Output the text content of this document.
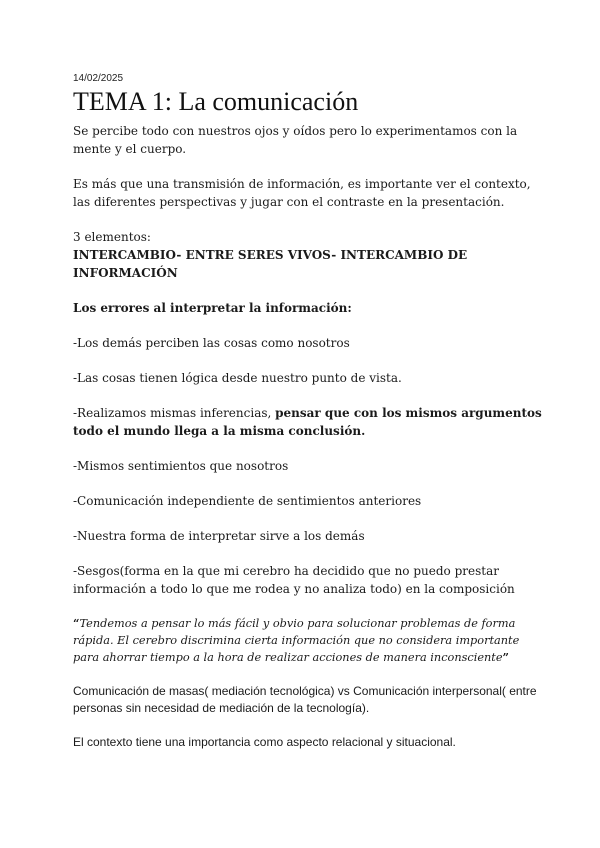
14/02/2025
TEMA 1: La comunicación

Se percibe todo con nuestros ojos y oídos pero lo experimentamos con la mente y el cuerpo.

Es más que una transmisión de información, es importante ver el contexto, las diferentes perspectivas y jugar con el contraste en la presentación.

3 elementos:

INTERCAMBIO- ENTRE SERES VIVOS- INTERCAMBIO DE INFORMACIÓN

Los errores al interpretar la información:

-Los demás perciben las cosas como nosotros

-Las cosas tienen lógica desde nuestro punto de vista.

-Realizamos mismas inferencias, pensar que con los mismos argumentos todo el mundo llega a la misma conclusión.

-Mismos sentimientos que nosotros

-Comunicación independiente de sentimientos anteriores

-Nuestra forma de interpretar sirve a los demás

-Sesgos(forma en la que mi cerebro ha decidido que no puedo prestar información a todo lo que me rodea y no analiza todo) en la composición

“Tendemos a pensar lo más fácil y obvio para solucionar problemas de forma rápida. El cerebro discrimina cierta información que no considera importante para ahorrar tiempo a la hora de realizar acciones de manera inconsciente”

Comunicación de masas( mediación tecnológica) vs Comunicación interpersonal( entre personas sin necesidad de mediación de la tecnología).

El contexto tiene una importancia como aspecto relacional y situacional.
